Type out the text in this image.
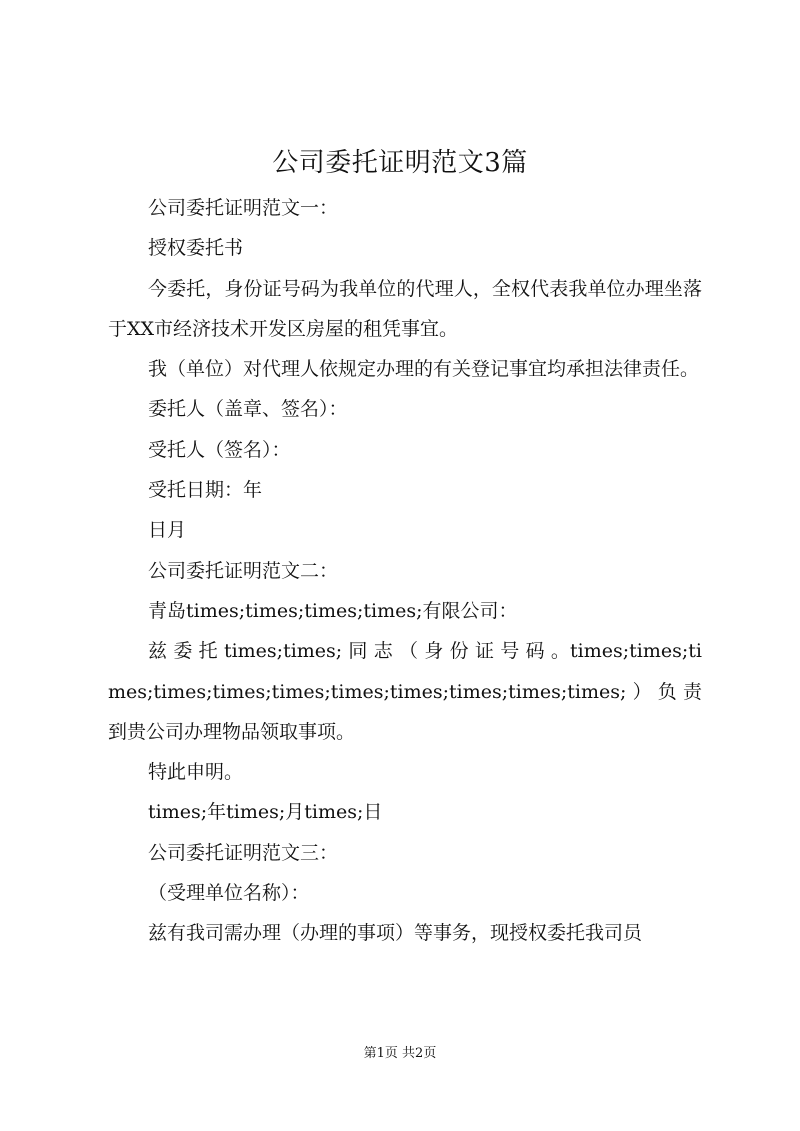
公司委托证明范文3篇

公司委托证明范文一：

授权委托书

今委托，身份证号码为我单位的代理人，全权代表我单位办理坐落于XX市经济技术开发区房屋的租凭事宜。

我（单位）对代理人依规定办理的有关登记事宜均承担法律责任。

委托人（盖章、签名）：

受托人（签名）：

受托日期：年

日月

公司委托证明范文二：

青岛times;times;times;times;有限公司：

兹 委 托 times;times; 同 志 （ 身 份 证 号 码 。times;times;times;times;times;times;times;times;times;times;times;）负责到贵公司办理物品领取事项。

特此申明。

times;年times;月times;日

公司委托证明范文三：

（受理单位名称）：

兹有我司需办理（办理的事项）等事务，现授权委托我司员

第1页 共2页
